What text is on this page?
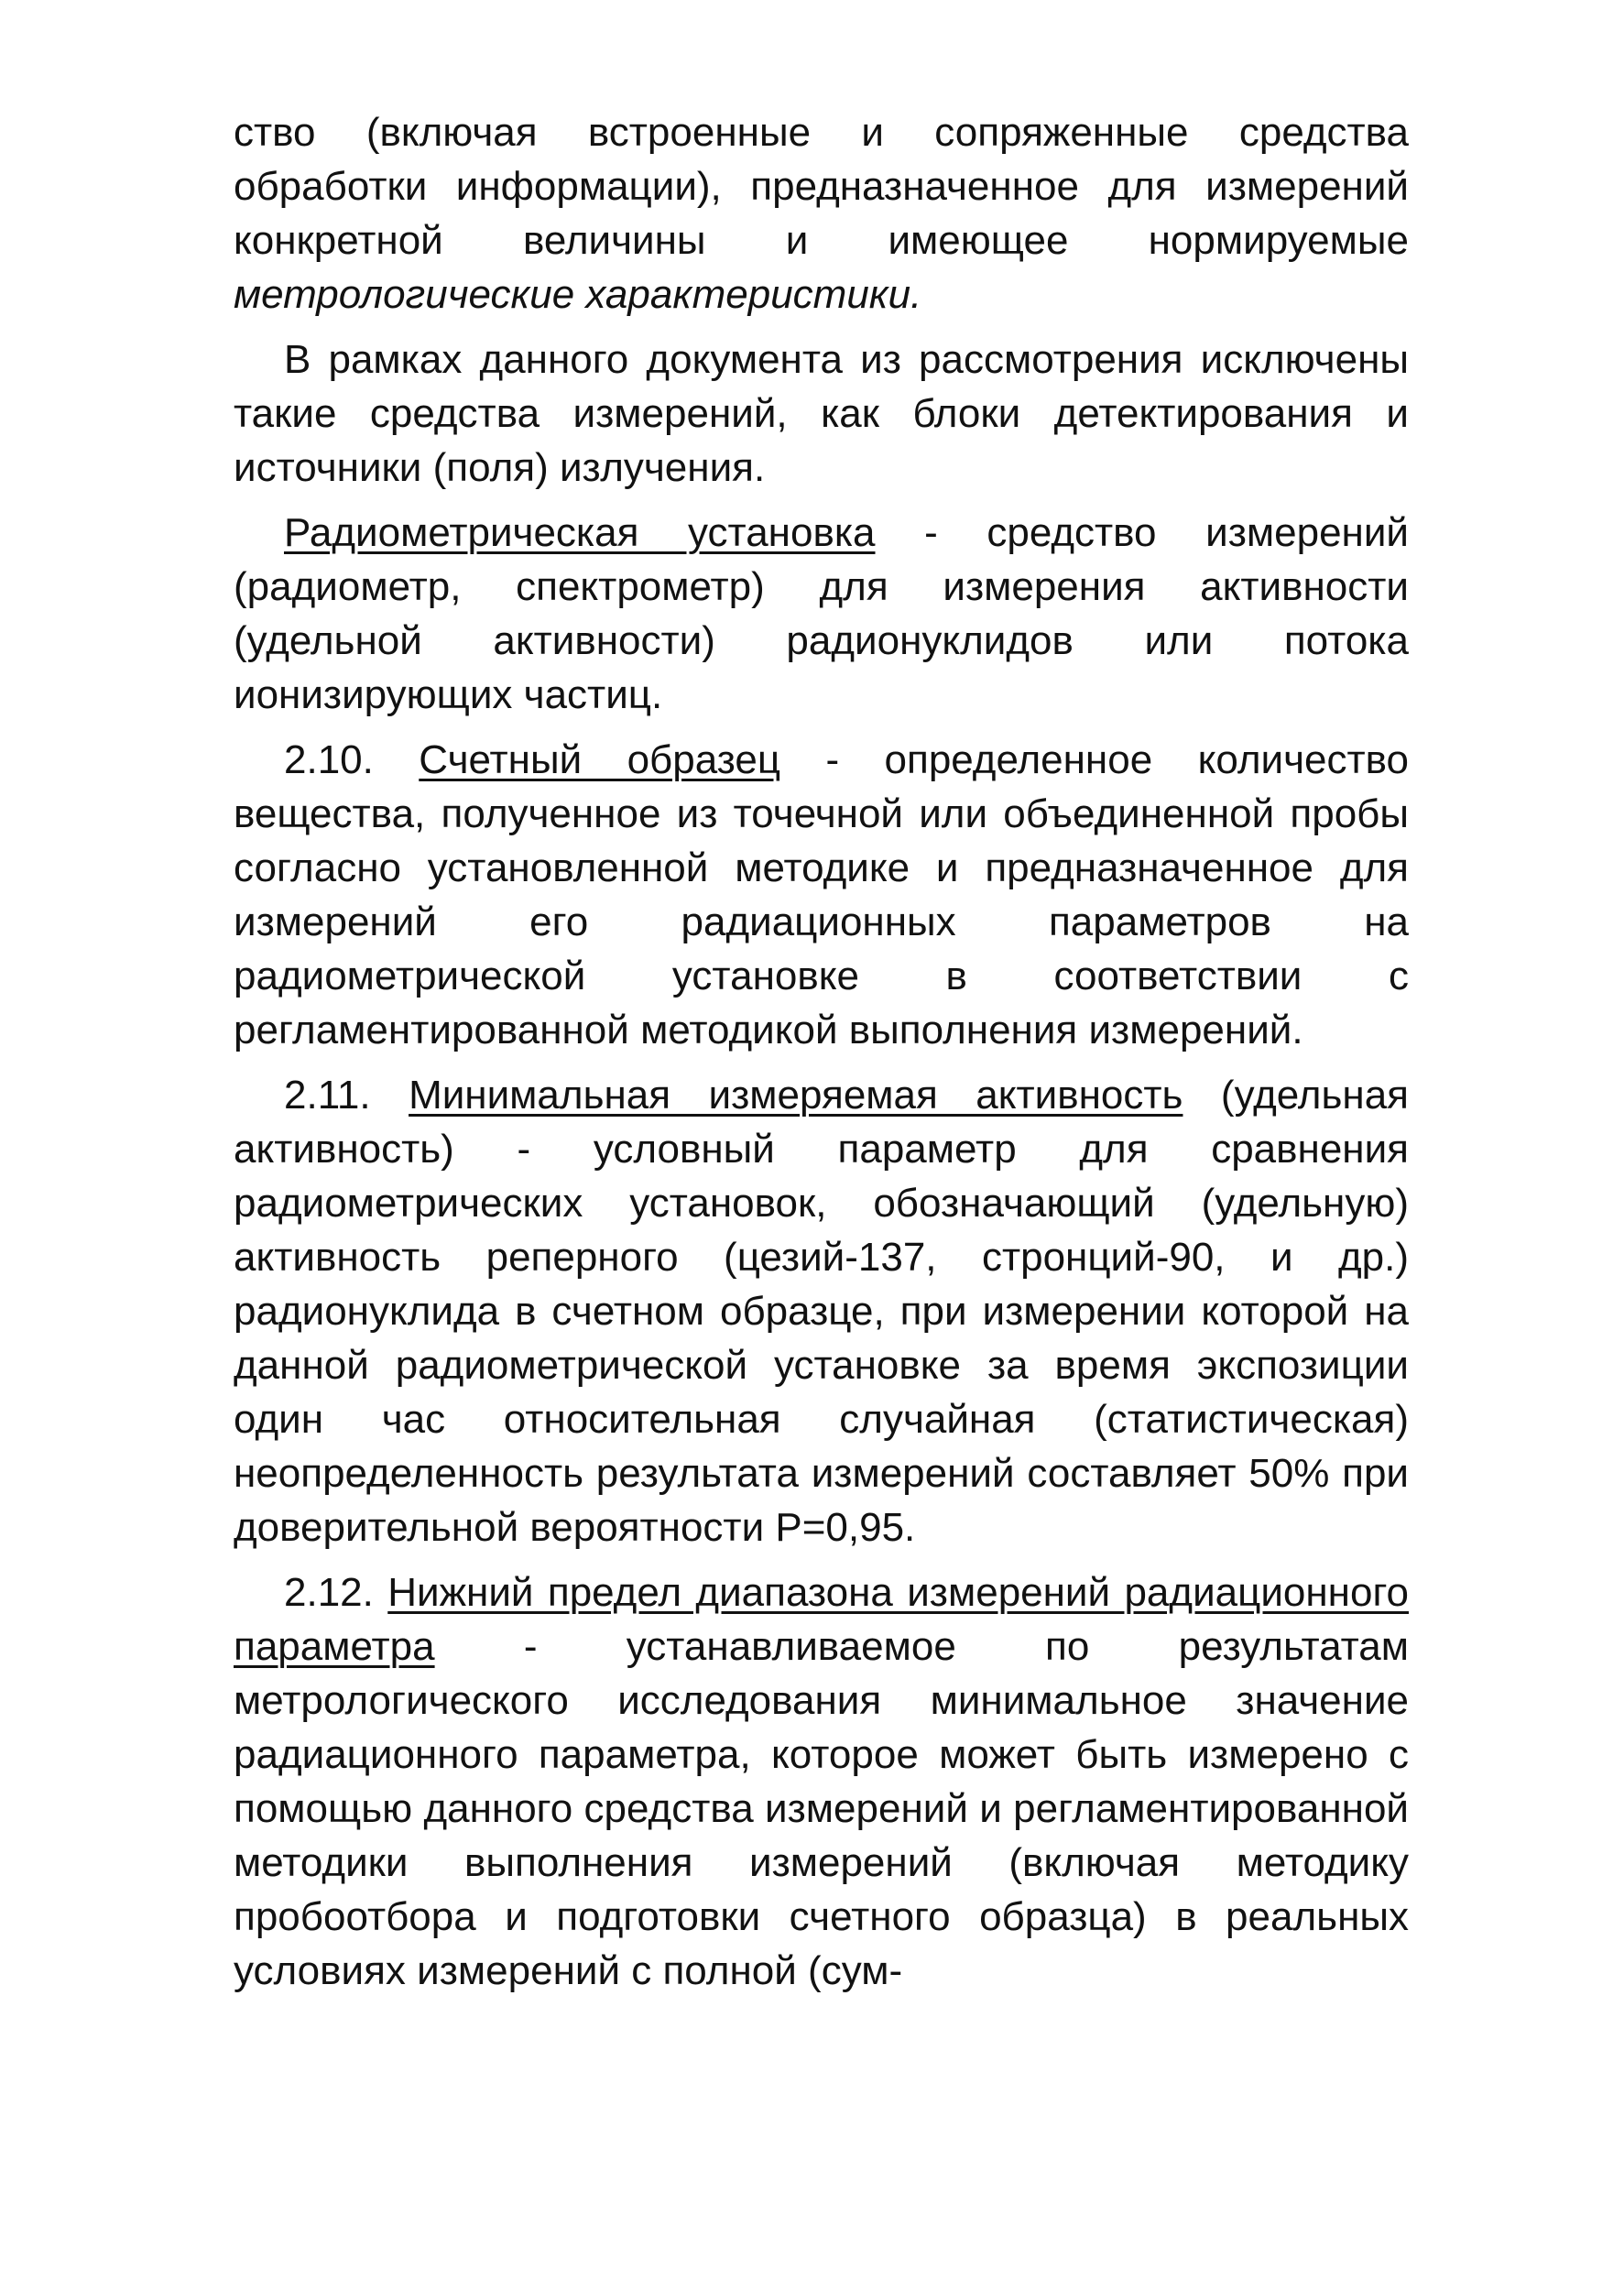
ство (включая встроенные и сопряженные средства обработки информации), предназначенное для измерений конкретной величины и имеющее нормируемые метрологические характеристики.

В рамках данного документа из рассмотрения исключены такие средства измерений, как блоки детектирования и источники (поля) излучения.

Радиометрическая установка - средство измерений (радиометр, спектрометр) для измерения активности (удельной активности) радионуклидов или потока ионизирующих частиц.

2.10. Счетный образец - определенное количество вещества, полученное из точечной или объединенной пробы согласно установленной методике и предназначенное для измерений его радиационных параметров на радиометрической установке в соответствии с регламентированной методикой выполнения измерений.

2.11. Минимальная измеряемая активность (удельная активность) - условный параметр для сравнения радиометрических установок, обозначающий (удельную) активность реперного (цезий-137, стронций-90, и др.) радионуклида в счетном образце, при измерении которой на данной радиометрической установке за время экспозиции один час относительная случайная (статистическая) неопределенность результата измерений составляет 50% при доверительной вероятности Р=0,95.

2.12. Нижний предел диапазона измерений радиационного параметра - устанавливаемое по результатам метрологического исследования минимальное значение радиационного параметра, которое может быть измерено с помощью данного средства измерений и регламентированной методики выполнения измерений (включая методику пробоотбора и подготовки счетного образца) в реальных условиях измерений с полной (сум-
